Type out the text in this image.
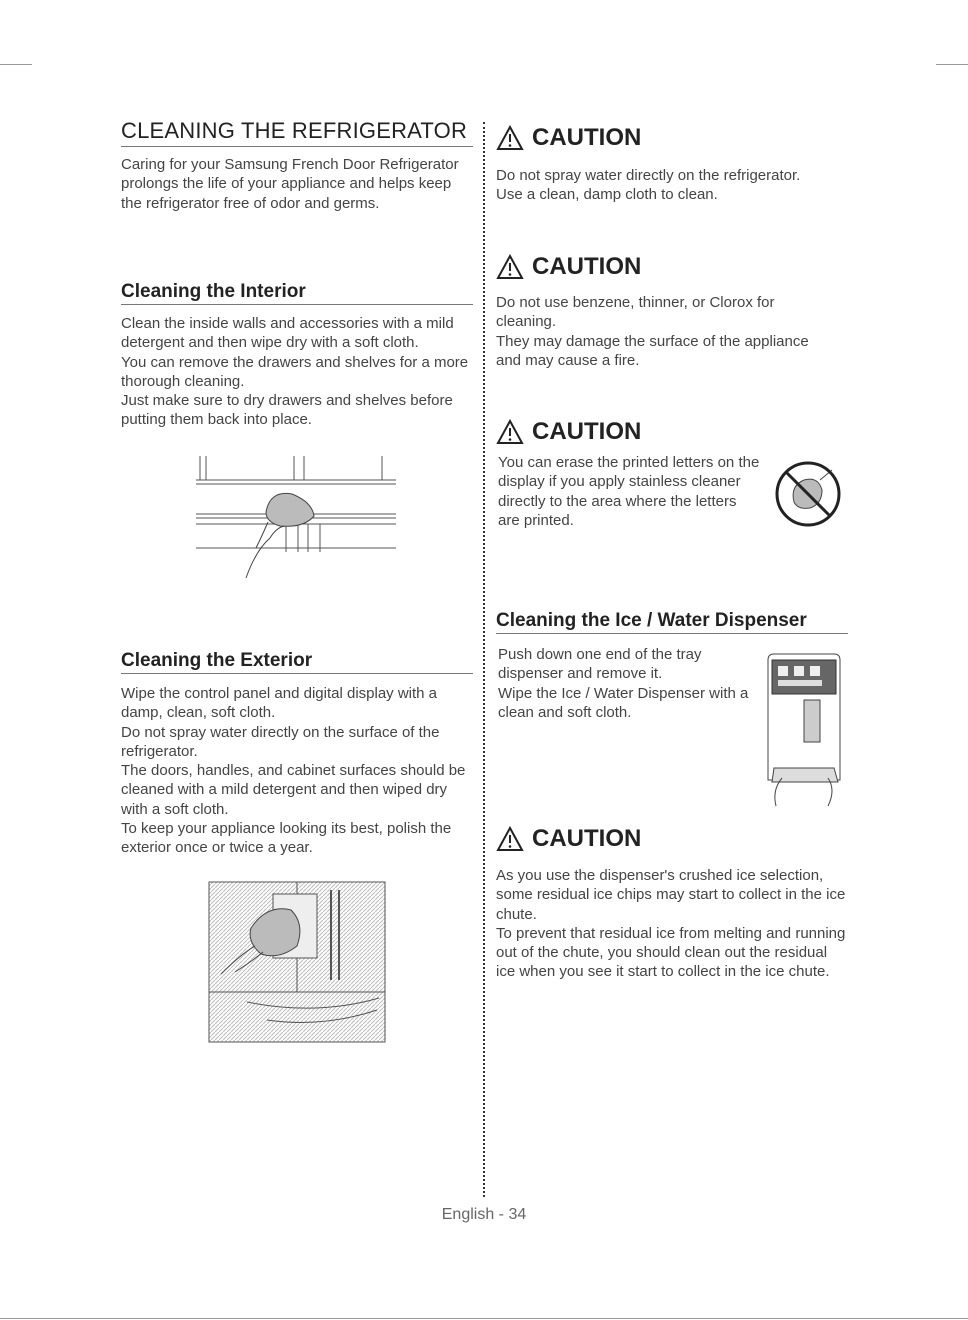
CLEANING THE REFRIGERATOR

Caring for your Samsung French Door Refrigerator prolongs the life of your appliance and helps keep the refrigerator free of odor and germs.

Cleaning the Interior
Clean the inside walls and accessories with a mild detergent and then wipe dry with a soft cloth.
You can remove the drawers and shelves for a more thorough cleaning.
Just make sure to dry drawers and shelves before putting them back into place.
Cleaning the Exterior
Wipe the control panel and digital display with a damp, clean, soft cloth.
Do not spray water directly on the surface of the refrigerator.
The doors, handles, and cabinet surfaces should be cleaned with a mild detergent and then wiped dry with a soft cloth.
To keep your appliance looking its best, polish the exterior once or twice a year.
CAUTION
Do not spray water directly on the refrigerator.
Use a clean, damp cloth to clean.
CAUTION
Do not use benzene, thinner, or Clorox for cleaning.
They may damage the surface of the appliance and may cause a fire.
CAUTION

You can erase the printed letters on the display if you apply stainless cleaner directly to the area where the letters are printed.

Cleaning the Ice / Water Dispenser
Push down one end of the tray dispenser and remove it.
Wipe the Ice / Water Dispenser with a clean and soft cloth.
CAUTION
As you use the dispenser's crushed ice selection, some residual ice chips may start to collect in the ice chute.
To prevent that residual ice from melting and running out of the chute, you should clean out the residual ice when you see it start to collect in the ice chute.
English - 34
